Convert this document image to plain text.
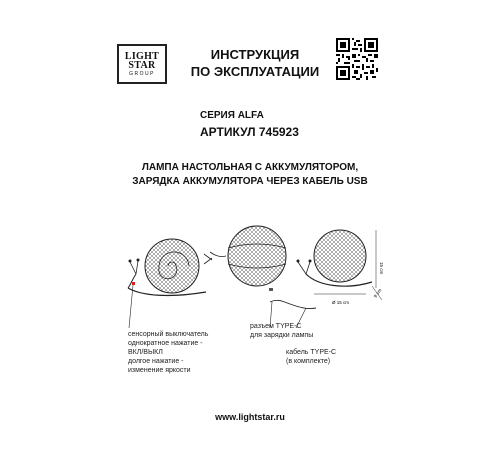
LIGHT
STAR
GROUP
ИНСТРУКЦИЯ
ПО ЭКСПЛУАТАЦИИ
СЕРИЯ ALFA
АРТИКУЛ 745923
ЛАМПА НАСТОЛЬНАЯ С АККУМУЛЯТОРОМ,
ЗАРЯДКА АККУМУЛЯТОРА ЧЕРЕЗ КАБЕЛЬ USB
15 cm
Ø 15 cm
9 cm
сенсорный выключатель
однократное нажатие -
ВКЛ/ВЫКЛ
долгое нажатие -
изменение яркости
разъем TYPE-C
для зарядки лампы
кабель TYPE-C
(в комплекте)
www.lightstar.ru
